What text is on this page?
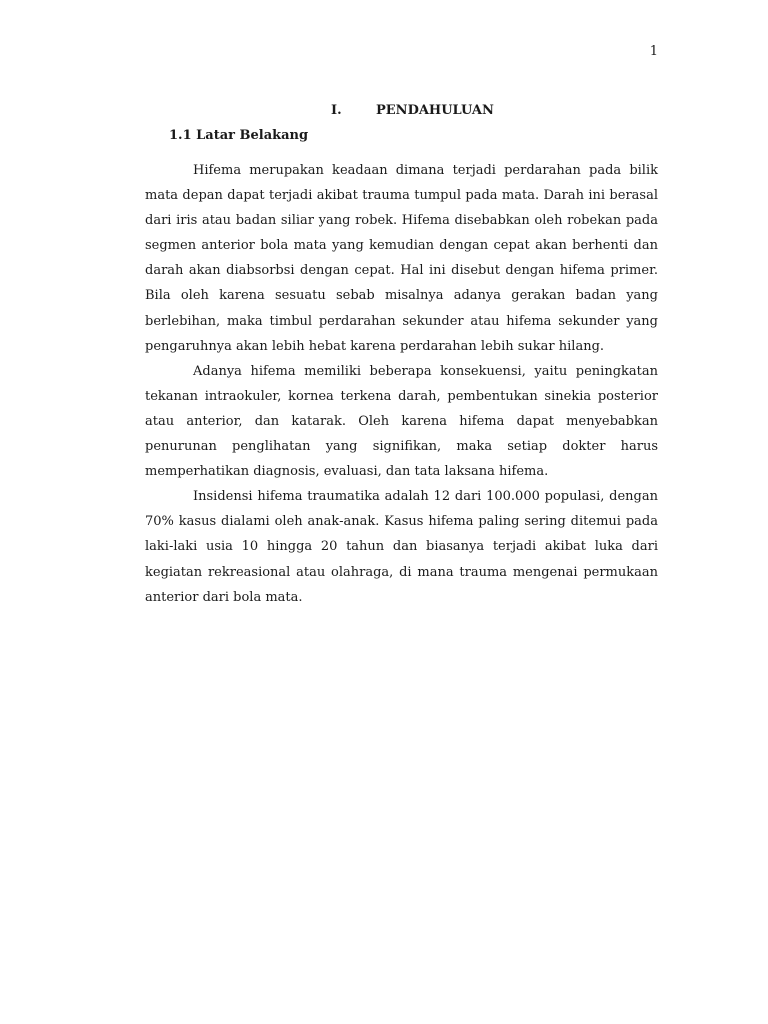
1
I.	PENDAHULUAN
1.1 Latar Belakang

Hifema merupakan keadaan dimana terjadi perdarahan pada bilik mata depan dapat terjadi akibat trauma tumpul pada mata. Darah ini berasal dari iris atau badan siliar yang robek. Hifema disebabkan oleh robekan pada segmen anterior bola mata yang kemudian dengan cepat akan berhenti dan darah akan diabsorbsi dengan cepat. Hal ini disebut dengan hifema primer. Bila oleh karena sesuatu sebab misalnya adanya gerakan badan yang berlebihan, maka timbul perdarahan sekunder atau hifema sekunder yang pengaruhnya akan lebih hebat karena perdarahan lebih sukar hilang.

Adanya hifema memiliki beberapa konsekuensi, yaitu peningkatan tekanan intraokuler, kornea terkena darah, pembentukan sinekia posterior atau anterior, dan katarak. Oleh karena hifema dapat menyebabkan penurunan penglihatan yang signifikan, maka setiap dokter harus memperhatikan diagnosis, evaluasi, dan tata laksana hifema.

Insidensi hifema traumatika adalah 12 dari 100.000 populasi, dengan 70% kasus dialami oleh anak-anak. Kasus hifema paling sering ditemui pada laki-laki usia 10 hingga 20 tahun dan biasanya terjadi akibat luka dari kegiatan rekreasional atau olahraga, di mana trauma mengenai permukaan anterior dari bola mata.
